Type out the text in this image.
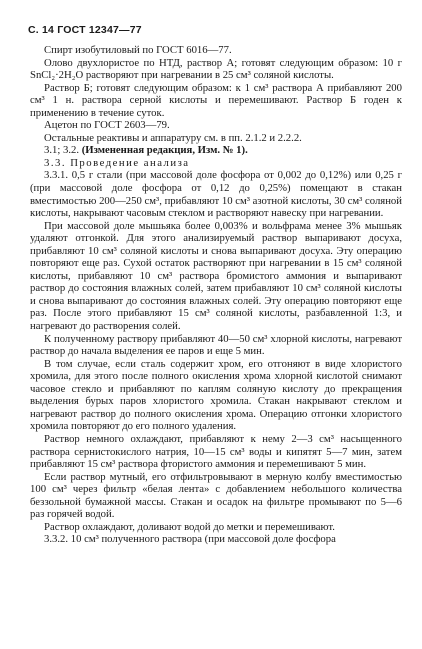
С. 14 ГОСТ 12347—77

Спирт изобутиловый по ГОСТ 6016—77.

Олово двухлористое по НТД, раствор А; готовят следующим образом: 10 г SnCl₂·2H₂O растворяют при нагревании в 25 см³ соляной кислоты.

Раствор Б; готовят следующим образом: к 1 см³ раствора А прибавляют 200 см³ 1 н. раствора серной кислоты и перемешивают. Раствор Б годен к применению в течение суток.

Ацетон по ГОСТ 2603—79.

Остальные реактивы и аппаратуру см. в пп. 2.1.2 и 2.2.2.

3.1; 3.2. (Измененная редакция, Изм. № 1).

3.3. Проведение анализа

3.3.1. 0,5 г стали (при массовой доле фосфора от 0,002 до 0,12%) или 0,25 г (при массовой доле фосфора от 0,12 до 0,25%) помещают в стакан вместимостью 200—250 см³, прибавляют 10 см³ азотной кислоты, 30 см³ соляной кислоты, накрывают часовым стеклом и растворяют навеску при нагревании.

При массовой доле мышьяка более 0,003% и вольфрама менее 3% мышьяк удаляют отгонкой. Для этого анализируемый раствор выпаривают досуха, прибавляют 10 см³ соляной кислоты и снова выпаривают досуха. Эту операцию повторяют еще раз. Сухой остаток растворяют при нагревании в 15 см³ соляной кислоты, прибавляют 10 см³ раствора бромистого аммония и выпаривают раствор до состояния влажных солей, затем прибавляют 10 см³ соляной кислоты и снова выпаривают до состояния влажных солей. Эту операцию повторяют еще раз. После этого прибавляют 15 см³ соляной кислоты, разбавленной 1:3, и нагревают до растворения солей.

К полученному раствору прибавляют 40—50 см³ хлорной кислоты, нагревают раствор до начала выделения ее паров и еще 5 мин.

В том случае, если сталь содержит хром, его отгоняют в виде хлористого хромила, для этого после полного окисления хрома хлорной кислотой снимают часовое стекло и прибавляют по каплям соляную кислоту до прекращения выделения бурых паров хлористого хромила. Стакан накрывают стеклом и нагревают раствор до полного окисления хрома. Операцию отгонки хлористого хромила повторяют до его полного удаления.

Раствор немного охлаждают, прибавляют к нему 2—3 см³ насыщенного раствора сернистокислого натрия, 10—15 см³ воды и кипятят 5—7 мин, затем прибавляют 15 см³ раствора фтористого аммония и перемешивают 5 мин.

Если раствор мутный, его отфильтровывают в мерную колбу вместимостью 100 см³ через фильтр «белая лента» с добавлением небольшого количества беззольной бумажной массы. Стакан и осадок на фильтре промывают по 5—6 раз горячей водой.

Раствор охлаждают, доливают водой до метки и перемешивают.

3.3.2. 10 см³ полученного раствора (при массовой доле фосфора
